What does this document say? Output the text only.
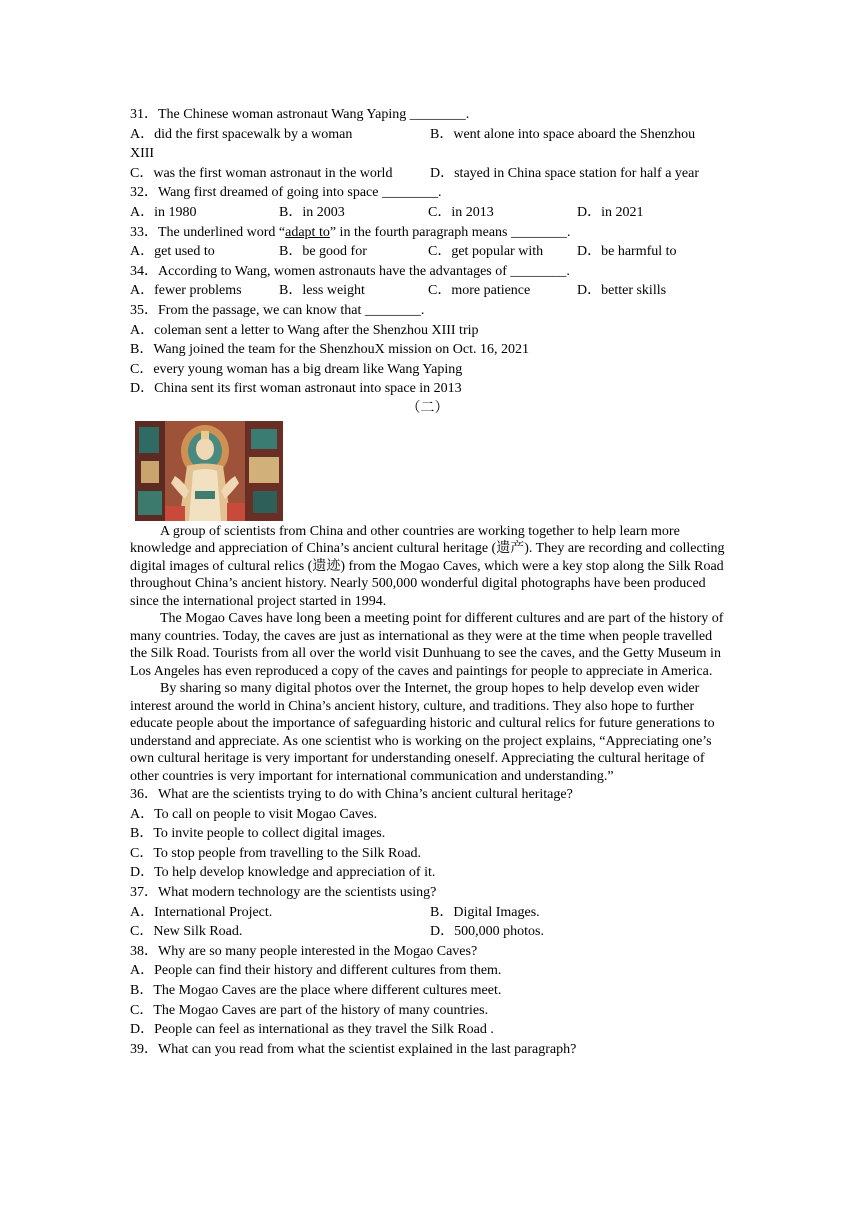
31．The Chinese woman astronaut Wang Yaping ________.
A．did the first spacewalk by a woman	B．went alone into space aboard the Shenzhou
XIII
C．was the first woman astronaut in the world	D．stayed in China space station for half a year
32．Wang first dreamed of going into space ________.
A．in 1980	B．in 2003	C．in 2013	D．in 2021
33．The underlined word “adapt to” in the fourth paragraph means ________.
A．get used to	B．be good for	C．get popular with	D．be harmful to
34．According to Wang, women astronauts have the advantages of ________.
A．fewer problems	B．less weight	C．more patience	D．better skills
35．From the passage, we can know that ________.
A．coleman sent a letter to Wang after the Shenzhou XIII trip
B．Wang joined the team for the ShenzhouX mission on Oct. 16, 2021
C．every young woman has a big dream like Wang Yaping
D．China sent its first woman astronaut into space in 2013
（二）
A group of scientists from China and other countries are working together to help learn more knowledge and appreciation of China’s ancient cultural heritage (遗产). They are recording and collecting digital images of cultural relics (遗迹) from the Mogao Caves, which were a key stop along the Silk Road throughout China’s ancient history. Nearly 500,000 wonderful digital photographs have been produced since the international project started in 1994.
The Mogao Caves have long been a meeting point for different cultures and are part of the history of many countries. Today, the caves are just as international as they were at the time when people travelled the Silk Road. Tourists from all over the world visit Dunhuang to see the caves, and the Getty Museum in Los Angeles has even reproduced a copy of the caves and paintings for people to appreciate in America.
By sharing so many digital photos over the Internet, the group hopes to help develop even wider interest around the world in China’s ancient history, culture, and traditions. They also hope to further educate people about the importance of safeguarding historic and cultural relics for future generations to understand and appreciate. As one scientist who is working on the project explains, “Appreciating one’s own cultural heritage is very important for understanding oneself. Appreciating the cultural heritage of other countries is very important for international communication and understanding.”
36．What are the scientists trying to do with China’s ancient cultural heritage?
A．To call on people to visit Mogao Caves.
B．To invite people to collect digital images.
C．To stop people from travelling to the Silk Road.
D．To help develop knowledge and appreciation of it.
37．What modern technology are the scientists using?
A．International Project.	B．Digital Images.
C．New Silk Road.	D．500,000 photos.
38．Why are so many people interested in the Mogao Caves?
A．People can find their history and different cultures from them.
B．The Mogao Caves are the place where different cultures meet.
C．The Mogao Caves are part of the history of many countries.
D．People can feel as international as they travel the Silk Road .
39．What can you read from what the scientist explained in the last paragraph?
